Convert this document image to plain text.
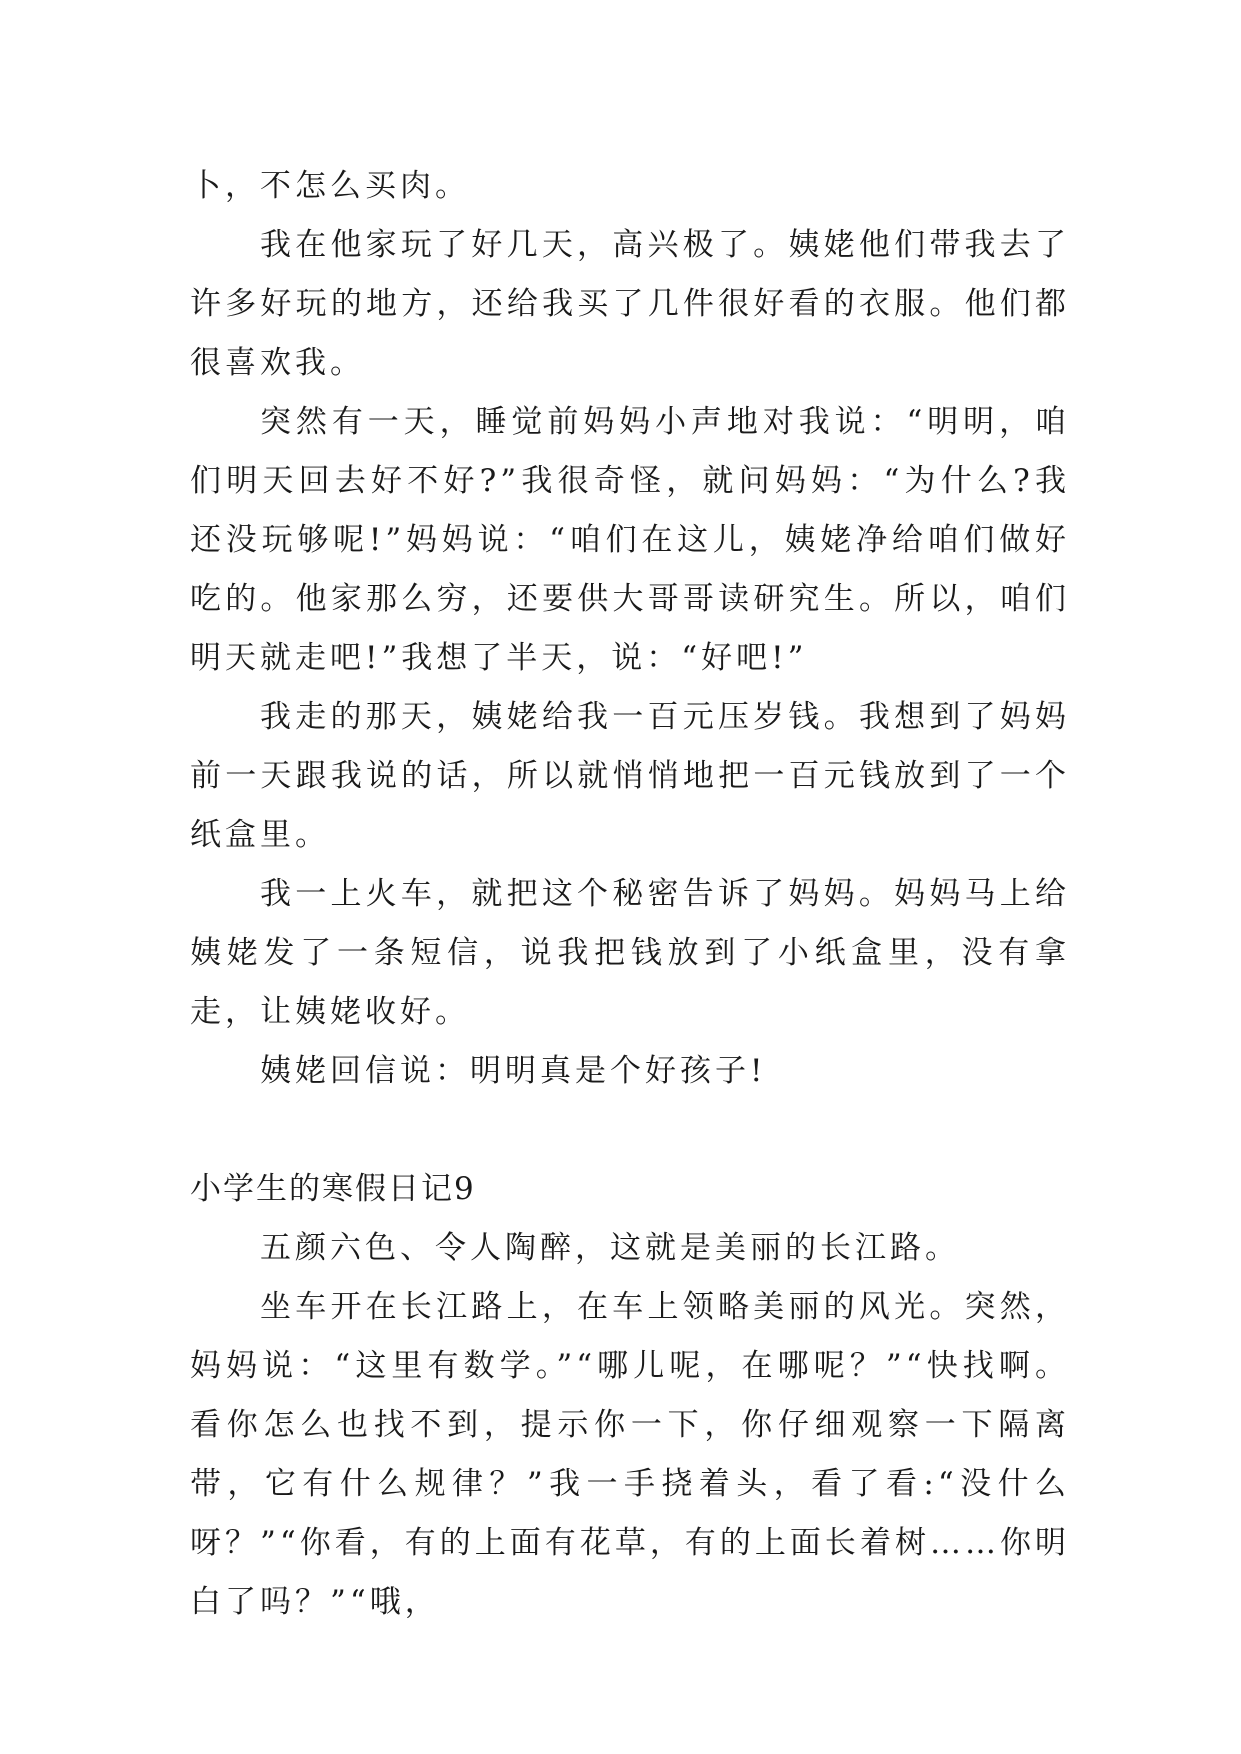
卜，不怎么买肉。

我在他家玩了好几天，高兴极了。姨姥他们带我去了许多好玩的地方，还给我买了几件很好看的衣服。他们都很喜欢我。

突然有一天，睡觉前妈妈小声地对我说：“明明，咱们明天回去好不好?”我很奇怪，就问妈妈：“为什么?我还没玩够呢!”妈妈说：“咱们在这儿，姨姥净给咱们做好吃的。他家那么穷，还要供大哥哥读研究生。所以，咱们明天就走吧!”我想了半天，说：“好吧!”

我走的那天，姨姥给我一百元压岁钱。我想到了妈妈前一天跟我说的话，所以就悄悄地把一百元钱放到了一个纸盒里。

我一上火车，就把这个秘密告诉了妈妈。妈妈马上给姨姥发了一条短信，说我把钱放到了小纸盒里，没有拿走，让姨姥收好。

姨姥回信说：明明真是个好孩子!

小学生的寒假日记9

五颜六色、令人陶醉，这就是美丽的长江路。

坐车开在长江路上，在车上领略美丽的风光。突然，妈妈说：“这里有数学。”“哪儿呢，在哪呢？”“快找啊。看你怎么也找不到，提示你一下，你仔细观察一下隔离带，它有什么规律？”我一手挠着头，看了看:“没什么呀？”“你看，有的上面有花草，有的上面长着树……你明白了吗？”“哦，
